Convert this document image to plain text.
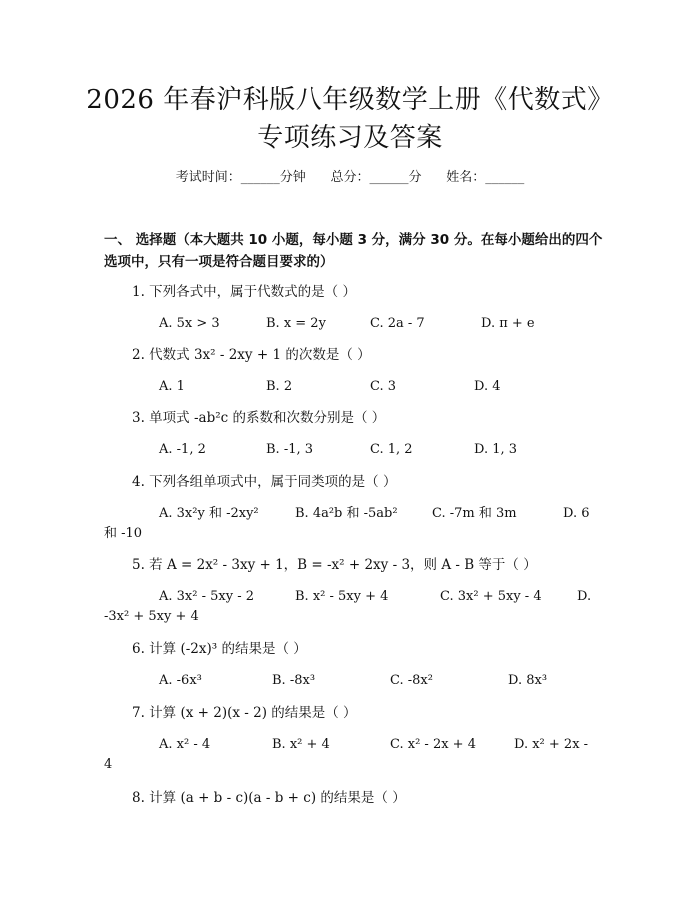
2026 年春沪科版八年级数学上册《代数式》
专项练习及答案
考试时间：______分钟      总分：______分      姓名：______
一、 选择题（本大题共 10 小题，每小题 3 分，满分 30 分。在每小题给出的四个
选项中，只有一项是符合题目要求的）
1. 下列各式中，属于代数式的是（ ）
A. 5x > 3	B. x = 2y	C. 2a - 7	D. π + e
2. 代数式 3x² - 2xy + 1 的次数是（ ）
A. 1	B. 2	C. 3	D. 4
3. 单项式 -ab²c 的系数和次数分别是（ ）
A. -1, 2	B. -1, 3	C. 1, 2	D. 1, 3
4. 下列各组单项式中，属于同类项的是（ ）
A. 3x²y 和 -2xy²	B. 4a²b 和 -5ab²	C. -7m 和 3m	D. 6
和 -10
5. 若 A = 2x² - 3xy + 1，B = -x² + 2xy - 3，则 A - B 等于（ ）
A. 3x² - 5xy - 2	B. x² - 5xy + 4	C. 3x² + 5xy - 4	D.
-3x² + 5xy + 4
6. 计算 (-2x)³ 的结果是（ ）
A. -6x³	B. -8x³	C. -8x²	D. 8x³
7. 计算 (x + 2)(x - 2) 的结果是（ ）
A. x² - 4	B. x² + 4	C. x² - 2x + 4	D. x² + 2x -
4
8. 计算 (a + b - c)(a - b + c) 的结果是（ ）
